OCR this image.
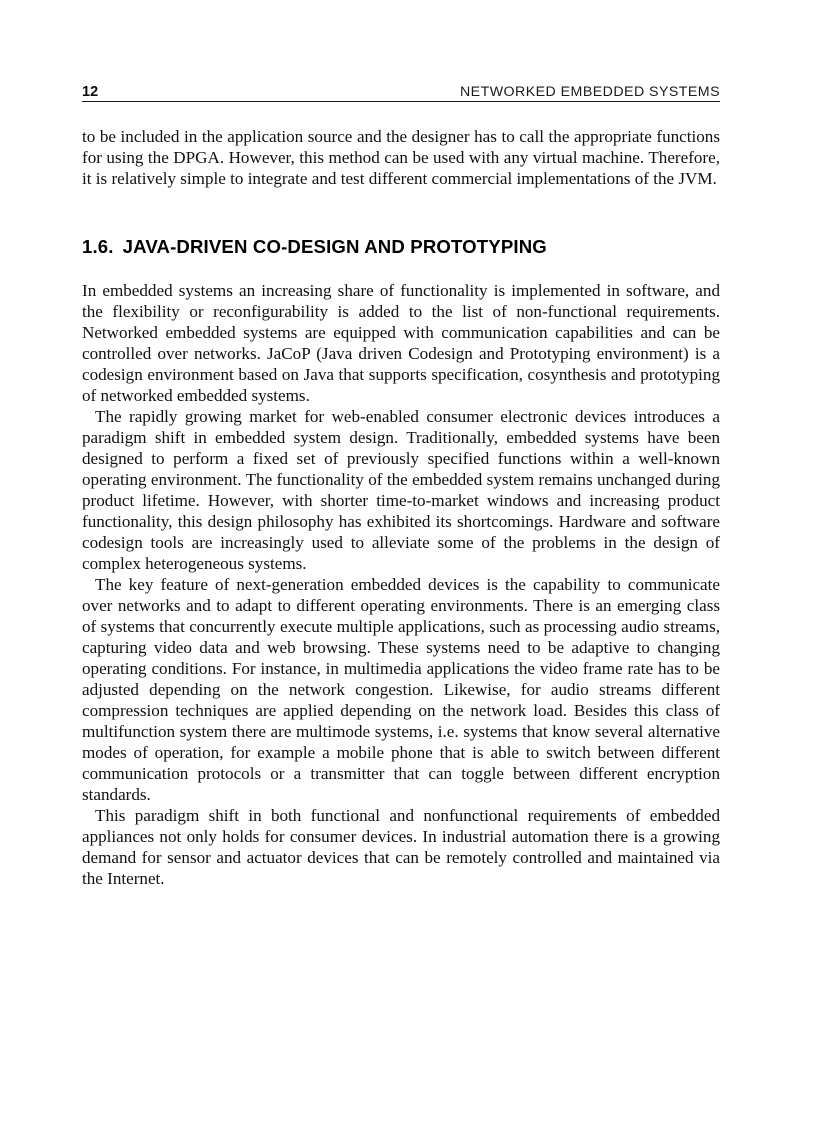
12	NETWORKED EMBEDDED SYSTEMS

to be included in the application source and the designer has to call the appropriate functions for using the DPGA. However, this method can be used with any virtual machine. Therefore, it is relatively simple to integrate and test different commercial implementations of the JVM.

1.6. JAVA-DRIVEN CO-DESIGN AND PROTOTYPING

In embedded systems an increasing share of functionality is implemented in software, and the flexibility or reconfigurability is added to the list of non-functional requirements. Networked embedded systems are equipped with communication capabilities and can be controlled over networks. JaCoP (Java driven Codesign and Prototyping environment) is a codesign environment based on Java that supports specification, cosynthesis and prototyping of networked embedded systems.

The rapidly growing market for web-enabled consumer electronic devices introduces a paradigm shift in embedded system design. Traditionally, embedded systems have been designed to perform a fixed set of previously specified functions within a well-known operating environment. The functionality of the embedded system remains unchanged during product lifetime. However, with shorter time-to-market windows and increasing product functionality, this design philosophy has exhibited its shortcomings. Hardware and software codesign tools are increasingly used to alleviate some of the problems in the design of complex heterogeneous systems.

The key feature of next-generation embedded devices is the capability to communicate over networks and to adapt to different operating environments. There is an emerging class of systems that concurrently execute multiple applications, such as processing audio streams, capturing video data and web browsing. These systems need to be adaptive to changing operating conditions. For instance, in multimedia applications the video frame rate has to be adjusted depending on the network congestion. Likewise, for audio streams different compression techniques are applied depending on the network load. Besides this class of multifunction system there are multimode systems, i.e. systems that know several alternative modes of operation, for example a mobile phone that is able to switch between different communication protocols or a transmitter that can toggle between different encryption standards.

This paradigm shift in both functional and nonfunctional requirements of embedded appliances not only holds for consumer devices. In industrial automation there is a growing demand for sensor and actuator devices that can be remotely controlled and maintained via the Internet.
